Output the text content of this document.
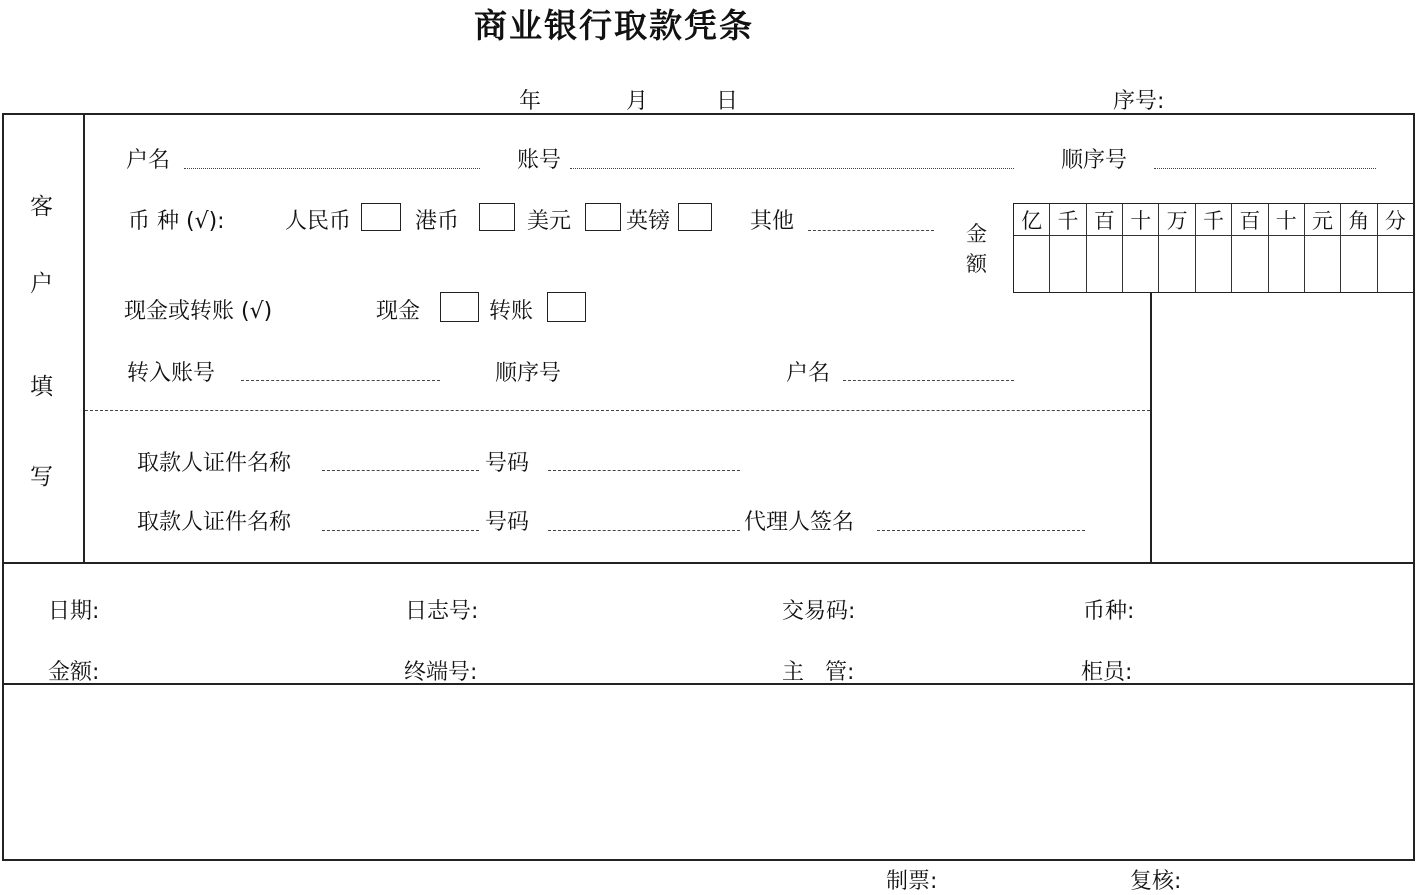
商业银行取款凭条
年	月	日	序号:
客
户
填
写
户名	账号	顺序号
币 种 (√):	人民币	港币	美元 英镑	其他	金
额
亿 千 百 十 万 千 百 十 元 角 分
现金或转账 (√)	现金	转账
转入账号	顺序号	户名
取款人证件名称	号码
取款人证件名称	号码	代理人签名
日期:	日志号:	交易码:	币种:
金额:	终端号:	主   管:	柜员:
制票:	复核:
